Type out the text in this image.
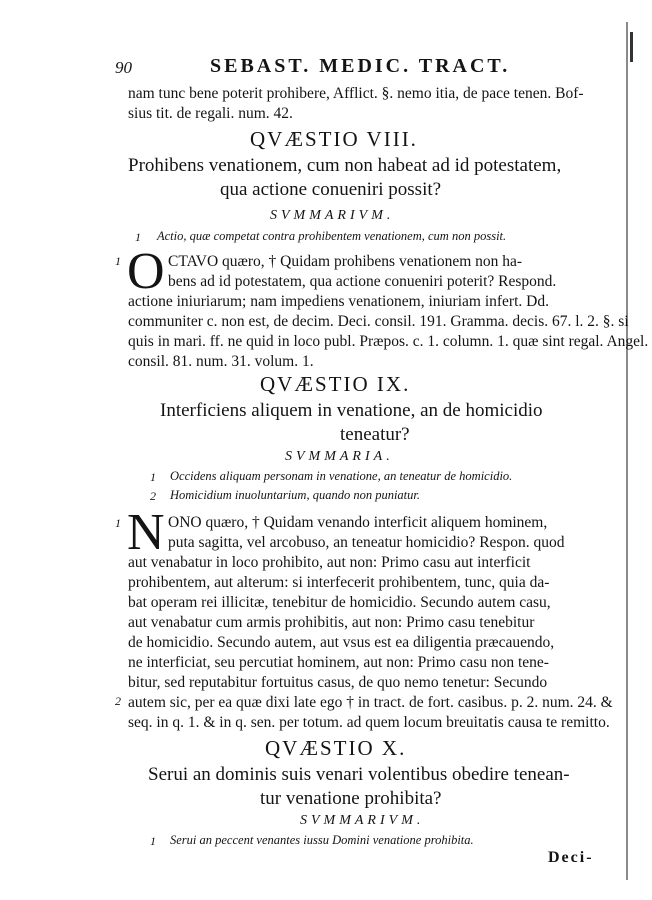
90	SEBAST. MEDIC. TRACT.
nam tunc bene poterit prohibere, Afflict. §. nemo itia, de pace tenen. Bof-
sius tit. de regali. num. 42.
QVÆSTIO VIII.
Prohibens venationem, cum non habeat ad id potestatem,
qua actione conueniri possit?
SVMMARIVM.
1 Actio, quæ competat contra prohibentem venationem, cum non possit.
1 O CTAVO quæro, † Quidam prohibens venationem non ha-
bens ad id potestatem, qua actione conueniri poterit? Respond.
actione iniuriarum; nam impediens venationem, iniuriam infert. Dd.
communiter c. non est, de decim. Deci. consil. 191. Gramma. decis. 67. l. 2. §. si
quis in mari. ff. ne quid in loco publ. Præpos. c. 1. column. 1. quæ sint regal. Angel.
consil. 81. num. 31. volum. 1.
QVÆSTIO IX.
Interficiens aliquem in venatione, an de homicidio
teneatur?
SVMMARIA.
1 Occidens aliquam personam in venatione, an teneatur de homicidio.
2 Homicidium inuoluntarium, quando non puniatur.
1 N ONO quæro, † Quidam venando interficit aliquem hominem,
puta sagitta, vel arcobuso, an teneatur homicidio? Respon. quod
aut venabatur in loco prohibito, aut non: Primo casu aut interficit
prohibentem, aut alterum: si interfecerit prohibentem, tunc, quia da-
bat operam rei illicitæ, tenebitur de homicidio. Secundo autem casu,
aut venabatur cum armis prohibitis, aut non: Primo casu tenebitur
de homicidio. Secundo autem, aut vsus est ea diligentia præcauendo,
ne interficiat, seu percutiat hominem, aut non: Primo casu non tene-
bitur, sed reputabitur fortuitus casus, de quo nemo tenetur: Secundo
2 autem sic, per ea quæ dixi late ego † in tract. de fort. casibus. p. 2. num. 24. &
seq. in q. 1. & in q. sen. per totum. ad quem locum breuitatis causa te remitto.
QVÆSTIO X.
Serui an dominis suis venari volentibus obedire tenean-
tur venatione prohibita?
SVMMARIVM.
1 Serui an peccent venantes iussu Domini venatione prohibita.
Deci-
